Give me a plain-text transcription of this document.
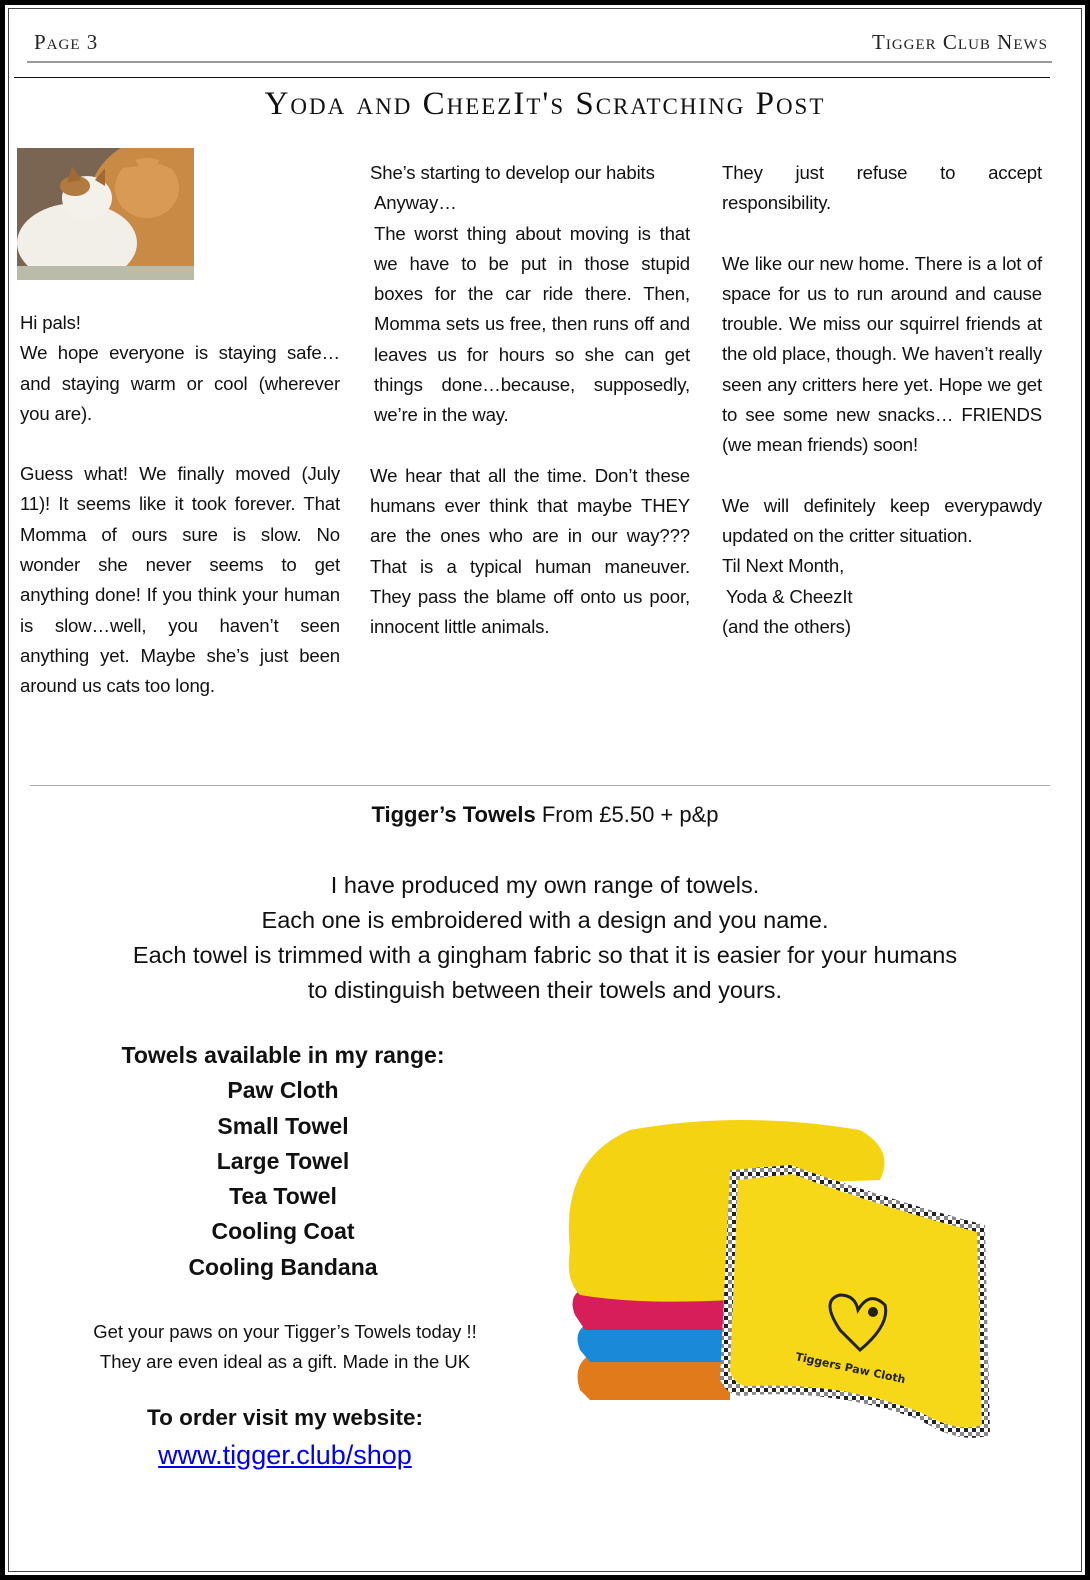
Page 3	Tigger Club News
Yoda and CheezIt's Scratching Post

Hi pals!

We hope everyone is staying safe…and staying warm or cool (wherever you are).

Guess what! We finally moved (July 11)! It seems like it took forever. That Momma of ours sure is slow. No wonder she never seems to get anything done! If you think your human is slow…well, you haven’t seen anything yet. Maybe she’s just been around us cats too long.

She’s starting to develop our habits

Anyway…

The worst thing about moving is that we have to be put in those stupid boxes for the car ride there. Then, Momma sets us free, then runs off and leaves us for hours so she can get things done…because, supposedly, we’re in the way.

We hear that all the time. Don’t these humans ever think that maybe THEY are the ones who are in our way??? That is a typical human maneuver. They pass the blame off onto us poor, innocent little animals.

They just refuse to accept responsibility.

We like our new home. There is a lot of space for us to run around and cause trouble. We miss our squirrel friends at the old place, though. We haven’t really seen any critters here yet. Hope we get to see some new snacks… FRIENDS (we mean friends) soon!

We will definitely keep everypawdy updated on the critter situation.

Til Next Month,

Yoda & CheezIt

(and the others)

Tigger’s Towels From £5.50 + p&p
I have produced my own range of towels.
Each one is embroidered with a design and you name.
Each towel is trimmed with a gingham fabric so that it is easier for your humans
to distinguish between their towels and yours.
Towels available in my range:
Paw Cloth
Small Towel
Large Towel
Tea Towel
Cooling Coat
Cooling Bandana
Get your paws on your Tigger’s Towels today !!
They are even ideal as a gift. Made in the UK
To order visit my website:
www.tigger.club/shop
Tiggers Paw Cloth
